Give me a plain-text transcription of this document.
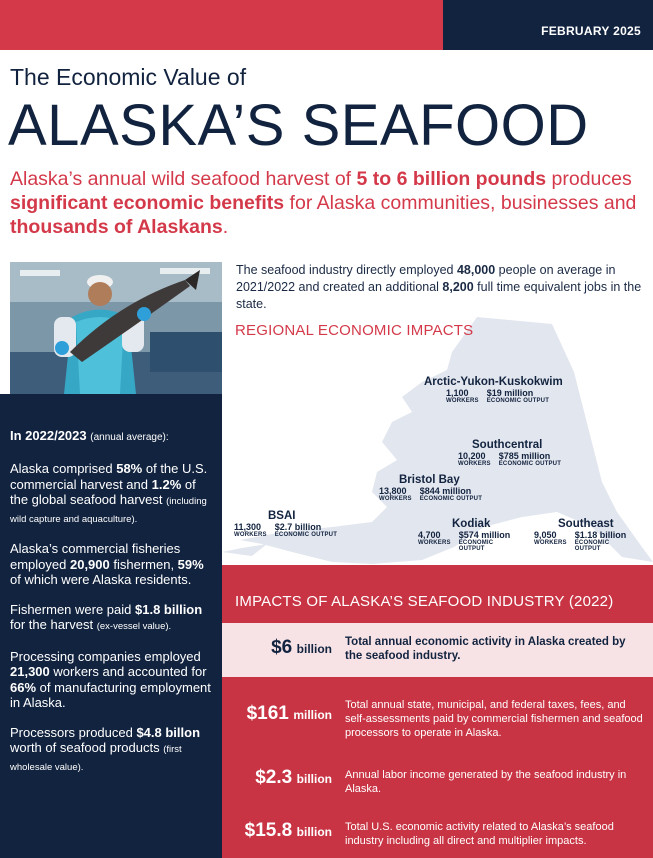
FEBRUARY 2025
The Economic Value of
ALASKA’S SEAFOOD

Alaska’s annual wild seafood harvest of 5 to 6 billion pounds produces significant economic benefits for Alaska communities, businesses and thousands of Alaskans.

In 2022/2023 (annual average):

Alaska comprised 58% of the U.S. commercial harvest and 1.2% of the global seafood harvest (including wild capture and aquaculture).

Alaska’s commercial fisheries employed 20,900 fishermen, 59% of which were Alaska residents.

Fishermen were paid $1.8 billion for the harvest (ex-vessel value).

Processing companies employed 21,300 workers and accounted for 66% of manufacturing employment in Alaska.

Processors produced $4.8 billon worth of seafood products (first wholesale value).

The seafood industry directly employed 48,000 people on average in 2021/2022 and created an additional 8,200 full time equivalent jobs in the state.

REGIONAL ECONOMIC IMPACTS
Arctic-Yukon-Kuskokwim
1,100
WORKERS
$19 million
ECONOMIC OUTPUT
Southcentral
10,200
WORKERS
$785 million
ECONOMIC OUTPUT
Bristol Bay
13,800
WORKERS
$844 million
ECONOMIC OUTPUT
BSAI
11,300
WORKERS
$2.7 billion
ECONOMIC OUTPUT
Kodiak
4,700
WORKERS
$574 million
ECONOMIC OUTPUT
Southeast
9,050
WORKERS
$1.18 billion
ECONOMIC OUTPUT
IMPACTS OF ALASKA’S SEAFOOD INDUSTRY (2022)
$6 billion Total annual economic activity in Alaska created by the seafood industry.
$161 million
Total annual state, municipal, and federal taxes, fees, and self-assessments paid by commercial fishermen and seafood processors to operate in Alaska.
$2.3 billion Annual labor income generated by the seafood industry in Alaska.
$15.8 billion Total U.S. economic activity related to Alaska’s seafood industry including all direct and multiplier impacts.
